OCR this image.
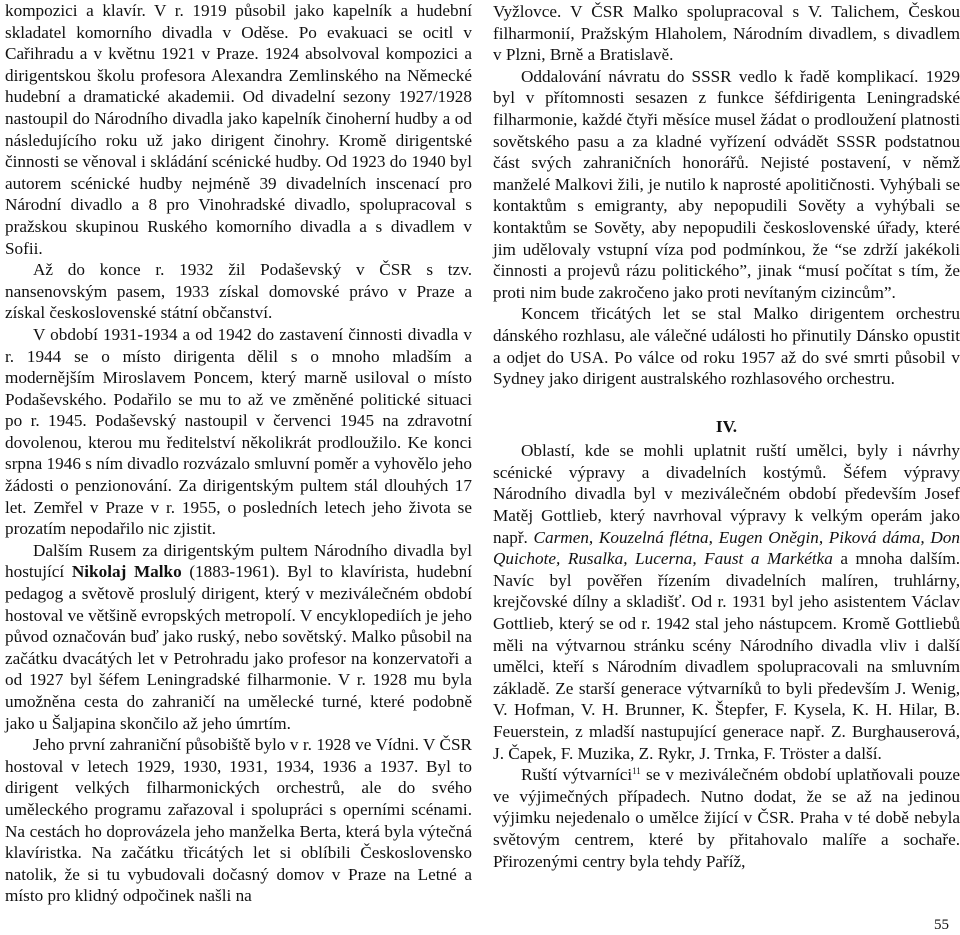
kompozici a klavír. V r. 1919 působil jako kapelník a hudební skladatel komorního divadla v Oděse. Po evakuaci se ocitl v Cařihradu a v květnu 1921 v Praze. 1924 absolvoval kompozici a dirigentskou školu profesora Alexandra Zemlinského na Německé hudební a dramatické akademii. Od divadelní sezony 1927/1928 nastoupil do Národního divadla jako kapelník činoherní hudby a od následujícího roku už jako dirigent činohry. Kromě dirigentské činnosti se věnoval i skládání scénické hudby. Od 1923 do 1940 byl autorem scénické hudby nejméně 39 divadelních inscenací pro Národní divadlo a 8 pro Vinohradské divadlo, spolupracoval s pražskou skupinou Ruského komorního divadla a s divadlem v Sofii.

Až do konce r. 1932 žil Podaševský v ČSR s tzv. nansenovským pasem, 1933 získal domovské právo v Praze a získal československé státní občanství.

V období 1931-1934 a od 1942 do zastavení činnosti divadla v r. 1944 se o místo dirigenta dělil s o mnoho mladším a modernějším Miroslavem Poncem, který marně usiloval o místo Podaševského. Podařilo se mu to až ve změněné politické situaci po r. 1945. Podaševský nastoupil v červenci 1945 na zdravotní dovolenou, kterou mu ředitelství několikrát prodloužilo. Ke konci srpna 1946 s ním divadlo rozvázalo smluvní poměr a vyhovělo jeho žádosti o penzionování. Za dirigentským pultem stál dlouhých 17 let. Zemřel v Praze v r. 1955, o posledních letech jeho života se prozatím nepodařilo nic zjistit.

Dalším Rusem za dirigentským pultem Národního divadla byl hostující Nikolaj Malko (1883-1961). Byl to klavírista, hudební pedagog a světově proslulý dirigent, který v meziválečném období hostoval ve většině evropských metropolí. V encyklopediích je jeho původ označován buď jako ruský, nebo sovětský. Malko působil na začátku dvacátých let v Petrohradu jako profesor na konzervatoři a od 1927 byl šéfem Leningradské filharmonie. V r. 1928 mu byla umožněna cesta do zahraničí na umělecké turné, které podobně jako u Šaljapina skončilo až jeho úmrtím.

Jeho první zahraniční působiště bylo v r. 1928 ve Vídni. V ČSR hostoval v letech 1929, 1930, 1931, 1934, 1936 a 1937. Byl to dirigent velkých filharmonických orchestrů, ale do svého uměleckého programu zařazoval i spolupráci s operními scénami. Na cestách ho doprovázela jeho manželka Berta, která byla výtečná klavíristka. Na začátku třicátých let si oblíbili Československo natolik, že si tu vybudovali dočasný domov v Praze na Letné a místo pro klidný odpočinek našli na

Vyžlovce. V ČSR Malko spolupracoval s V. Talichem, Českou filharmonií, Pražským Hlaholem, Národním divadlem, s divadlem v Plzni, Brně a Bratislavě.

Oddalování návratu do SSSR vedlo k řadě komplikací. 1929 byl v přítomnosti sesazen z funkce šéfdirigenta Leningradské filharmonie, každé čtyři měsíce musel žádat o prodloužení platnosti sovětského pasu a za kladné vyřízení odvádět SSSR podstatnou část svých zahraničních honorářů. Nejisté postavení, v němž manželé Malkovi žili, je nutilo k naprosté apolitičnosti. Vyhýbali se kontaktům s emigranty, aby nepopudili Sověty a vyhýbali se kontaktům se Sověty, aby nepopudili československé úřady, které jim udělovaly vstupní víza pod podmínkou, že “se zdrží jakékoli činnosti a projevů rázu politického”, jinak “musí počítat s tím, že proti nim bude zakročeno jako proti nevítaným cizincům”.

Koncem třicátých let se stal Malko dirigentem orchestru dánského rozhlasu, ale válečné události ho přinutily Dánsko opustit a odjet do USA. Po válce od roku 1957 až do své smrti působil v Sydney jako dirigent australského rozhlasového orchestru.

IV.

Oblastí, kde se mohli uplatnit ruští umělci, byly i návrhy scénické výpravy a divadelních kostýmů. Šéfem výpravy Národního divadla byl v meziválečném období především Josef Matěj Gottlieb, který navrhoval výpravy k velkým operám jako např. Carmen, Kouzelná flétna, Eugen Oněgin, Piková dáma, Don Quichote, Rusalka, Lucerna, Faust a Markétka a mnoha dalším. Navíc byl pověřen řízením divadelních malíren, truhlárny, krejčovské dílny a skladišť. Od r. 1931 byl jeho asistentem Václav Gottlieb, který se od r. 1942 stal jeho nástupcem. Kromě Gottliebů měli na výtvarnou stránku scény Národního divadla vliv i další umělci, kteří s Národním divadlem spolupracovali na smluvním základě. Ze starší generace výtvarníků to byli především J. Wenig, V. Hofman, V. H. Brunner, K. Štepfer, F. Kysela, K. H. Hilar, B. Feuerstein, z mladší nastupující generace např. Z. Burghauserová, J. Čapek, F. Muzika, Z. Rykr, J. Trnka, F. Tröster a další.

Ruští výtvarníci$^{11}$ se v meziválečném období uplatňovali pouze ve výjimečných případech. Nutno dodat, že se až na jedinou výjimku nejedenalo o umělce žijící v ČSR. Praha v té době nebyla světovým centrem, které by přitahovalo malíře a sochaře. Přirozenými centry byla tehdy Paříž,

55
